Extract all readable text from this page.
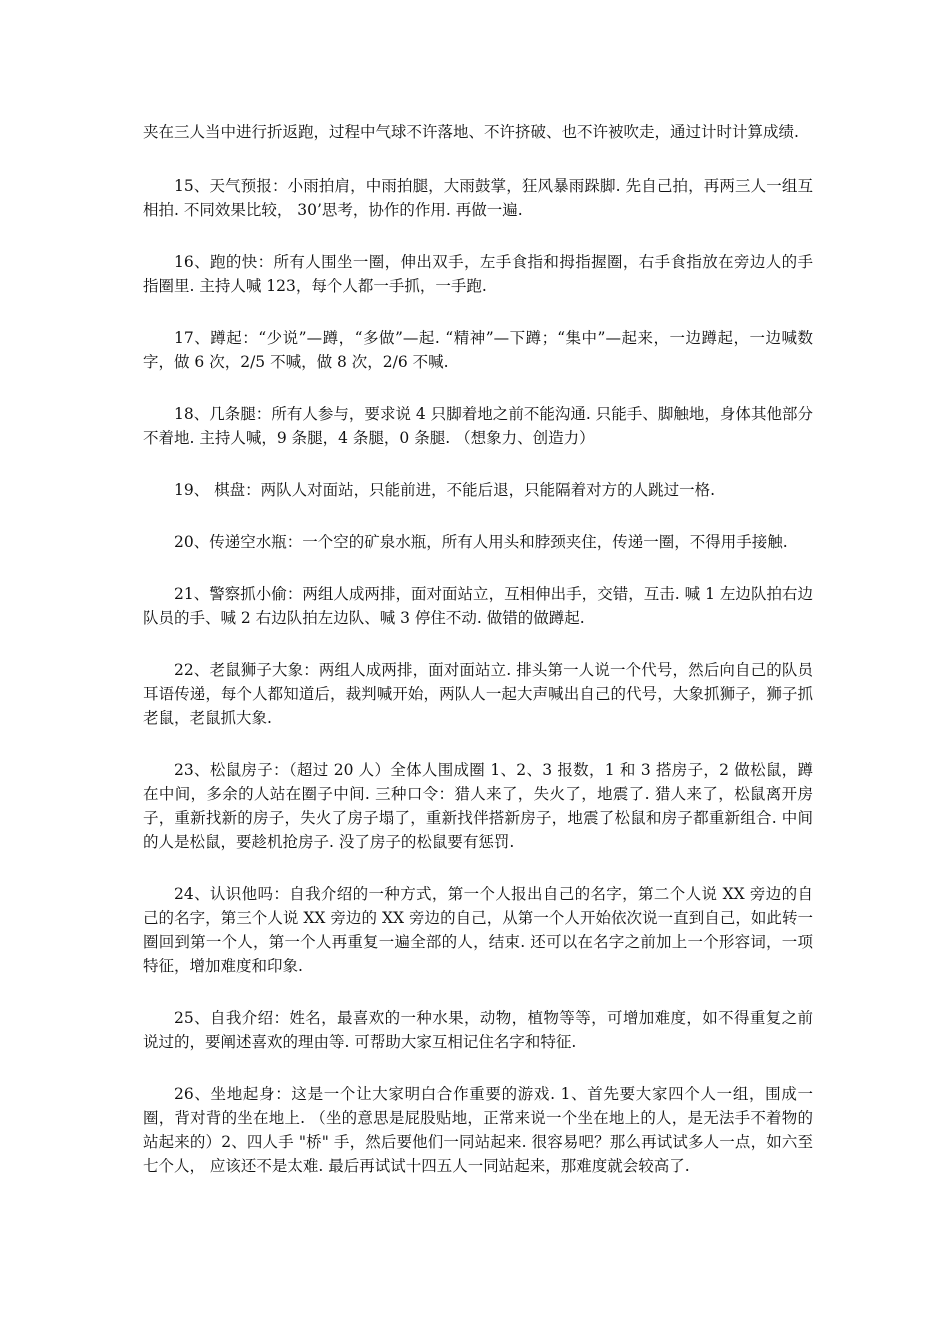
夹在三人当中进行折返跑，过程中气球不许落地、不许挤破、也不许被吹走，通过计时计算成绩.

15、天气预报：小雨拍肩，中雨拍腿，大雨鼓掌，狂风暴雨跺脚. 先自己拍，再两三人一组互相拍. 不同效果比较， 30’思考，协作的作用. 再做一遍.

16、跑的快：所有人围坐一圈，伸出双手，左手食指和拇指握圈，右手食指放在旁边人的手指圈里. 主持人喊 123，每个人都一手抓，一手跑.

17、蹲起：“少说”—蹲，“多做”—起. “精神”—下蹲；“集中”—起来，一边蹲起，一边喊数字，做 6 次，2/5 不喊，做 8 次，2/6 不喊.

18、几条腿：所有人参与，要求说 4 只脚着地之前不能沟通. 只能手、脚触地，身体其他部分不着地. 主持人喊，9 条腿，4 条腿，0 条腿. （想象力、创造力）

19、 棋盘：两队人对面站，只能前进，不能后退，只能隔着对方的人跳过一格.

20、传递空水瓶：一个空的矿泉水瓶，所有人用头和脖颈夹住，传递一圈，不得用手接触.

21、警察抓小偷：两组人成两排，面对面站立，互相伸出手，交错，互击. 喊 1 左边队拍右边队员的手、喊 2 右边队拍左边队、喊 3 停住不动. 做错的做蹲起.

22、老鼠狮子大象：两组人成两排，面对面站立. 排头第一人说一个代号，然后向自己的队员耳语传递，每个人都知道后，裁判喊开始，两队人一起大声喊出自己的代号，大象抓狮子，狮子抓老鼠，老鼠抓大象.

23、松鼠房子：（超过 20 人）全体人围成圈 1、2、3 报数，1 和 3 搭房子，2 做松鼠，蹲在中间，多余的人站在圈子中间. 三种口令：猎人来了，失火了，地震了. 猎人来了，松鼠离开房子，重新找新的房子，失火了房子塌了，重新找伴搭新房子，地震了松鼠和房子都重新组合. 中间的人是松鼠，要趁机抢房子. 没了房子的松鼠要有惩罚.

24、认识他吗：自我介绍的一种方式，第一个人报出自己的名字，第二个人说 XX 旁边的自己的名字，第三个人说 XX 旁边的 XX 旁边的自己，从第一个人开始依次说一直到自己，如此转一圈回到第一个人，第一个人再重复一遍全部的人，结束. 还可以在名字之前加上一个形容词，一项特征，增加难度和印象.

25、自我介绍：姓名，最喜欢的一种水果，动物，植物等等，可增加难度，如不得重复之前说过的，要阐述喜欢的理由等. 可帮助大家互相记住名字和特征.

26、坐地起身：这是一个让大家明白合作重要的游戏. 1、首先要大家四个人一组，围成一圈，背对背的坐在地上. （坐的意思是屁股贴地，正常来说一个坐在地上的人，是无法手不着物的站起来的）2、四人手 "桥" 手，然后要他们一同站起来. 很容易吧？那么再试试多人一点，如六至七个人， 应该还不是太难. 最后再试试十四五人一同站起来，那难度就会较高了.
